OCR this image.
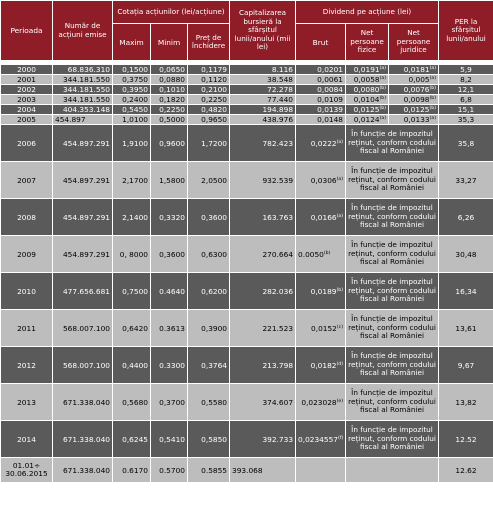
Perioada	Număr de acțiuni emise	Cotația acțiunilor (lei/acțiune)			Capitalizarea bursieră la sfârșitul lunii/anului (mii lei)	Dividend pe acțiune (lei)			PER la sfârșitul lunii/anului
		Maxim	Minim	Preț de închidere		Brut	Net persoane fizice	Net persoane juridice	

2000	68.836.310	0,1500	0,0650	0,1179	8.116	0,0201	0,0191$^{(a)}$	0,0181$^{(a)}$	5,9
2001	344.181.550	0,3750	0,0880	0,1120	38.548	0,0061	0,0058$^{(a)}$	0,005$^{(a)}$	8,2
2002	344.181.550	0,3950	0,1010	0,2100	72.278	0,0084	0,0080$^{(b)}$	0,0076$^{(b)}$	12,1
2003	344.181.550	0,2400	0,1820	0,2250	77.440	0,0109	0,0104$^{(b)}$	0,0098$^{(b)}$	6,8
2004	404.353.148	0,5450	0,2250	0,4820	194.898	0,0139	0,0125$^{(b)}$	0,0125$^{(b)}$	15,1
2005	454.897	1,0100	0,5000	0,9650	438.976	0,0148	0,0124$^{(a)}$	0,0133$^{(a)}$	35,3
2006	454.897.291	1,9100	0,9600	1,7200	782.423	0,0222$^{(a)}$	În funcție de impozitul reținut, conform codului fiscal al României		35,8
2007	454.897.291	2,1700	1,5800	2,0500	932.539	0,0306$^{(a)}$	În funcție de impozitul reținut, conform codului fiscal al României		33,27
2008	454.897.291	2,1400	0,3320	0,3600	163.763	0,0166$^{(a)}$	În funcție de impozitul reținut, conform codului fiscal al României		6,26
2009	454.897.291	0, 8000	0,3600	0,6300	270.664	0.0050$^{(b)}$	În funcție de impozitul reținut, conform codului fiscal al României		30,48
2010	477.656.681	0,7500	0.4640	0,6200	282.036	0,0189$^{(b)}$	În funcție de impozitul reținut, conform codului fiscal al României		16,34
2011	568.007.100	0,6420	0.3613	0,3900	221.523	0,0152$^{(c)}$	În funcție de impozitul reținut, conform codului fiscal al României		13,61
2012	568.007.100	0,4400	0.3300	0,3764	213.798	0,0182$^{(d)}$	În funcție de impozitul reținut, conform codului fiscal al României		9,67
2013	671.338.040	0,5680	0,3700	0,5580	374.607	0,023028$^{(e)}$	În funcție de impozitul reținut, conform codului fiscal al României		13,82
2014	671.338.040	0,6245	0,5410	0,5850	392.733	0,0234557$^{(f)}$	În funcție de impozitul reținut, conform codului fiscal al României		12.52
01.01÷ 30.06.2015	671.338.040	0.6170	0.5700	0.5855	393.068				12.62
